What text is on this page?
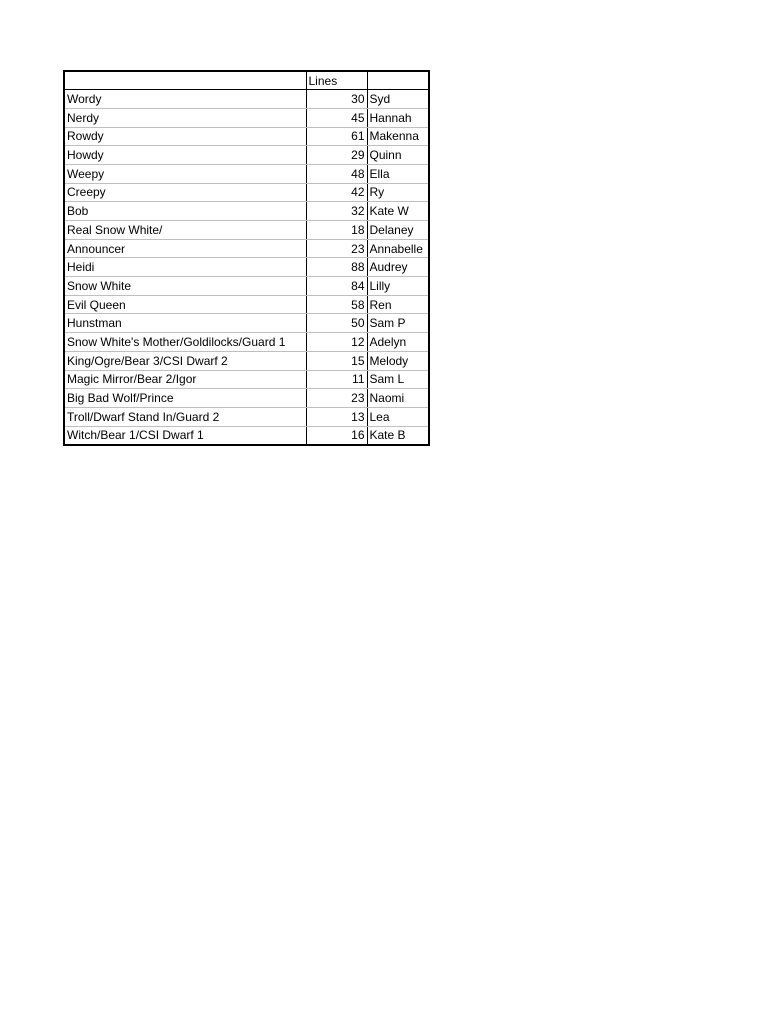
	Lines	
Wordy	30	Syd
Nerdy	45	Hannah
Rowdy	61	Makenna
Howdy	29	Quinn
Weepy	48	Ella
Creepy	42	Ry
Bob	32	Kate W
Real Snow White/	18	Delaney
Announcer	23	Annabelle
Heidi	88	Audrey
Snow White	84	Lilly
Evil Queen	58	Ren
Hunstman	50	Sam P
Snow White's Mother/Goldilocks/Guard 1	12	Adelyn
King/Ogre/Bear 3/CSI Dwarf 2	15	Melody
Magic Mirror/Bear 2/Igor	11	Sam L
Big Bad Wolf/Prince	23	Naomi
Troll/Dwarf Stand In/Guard 2	13	Lea
Witch/Bear 1/CSI Dwarf 1	16	Kate B
